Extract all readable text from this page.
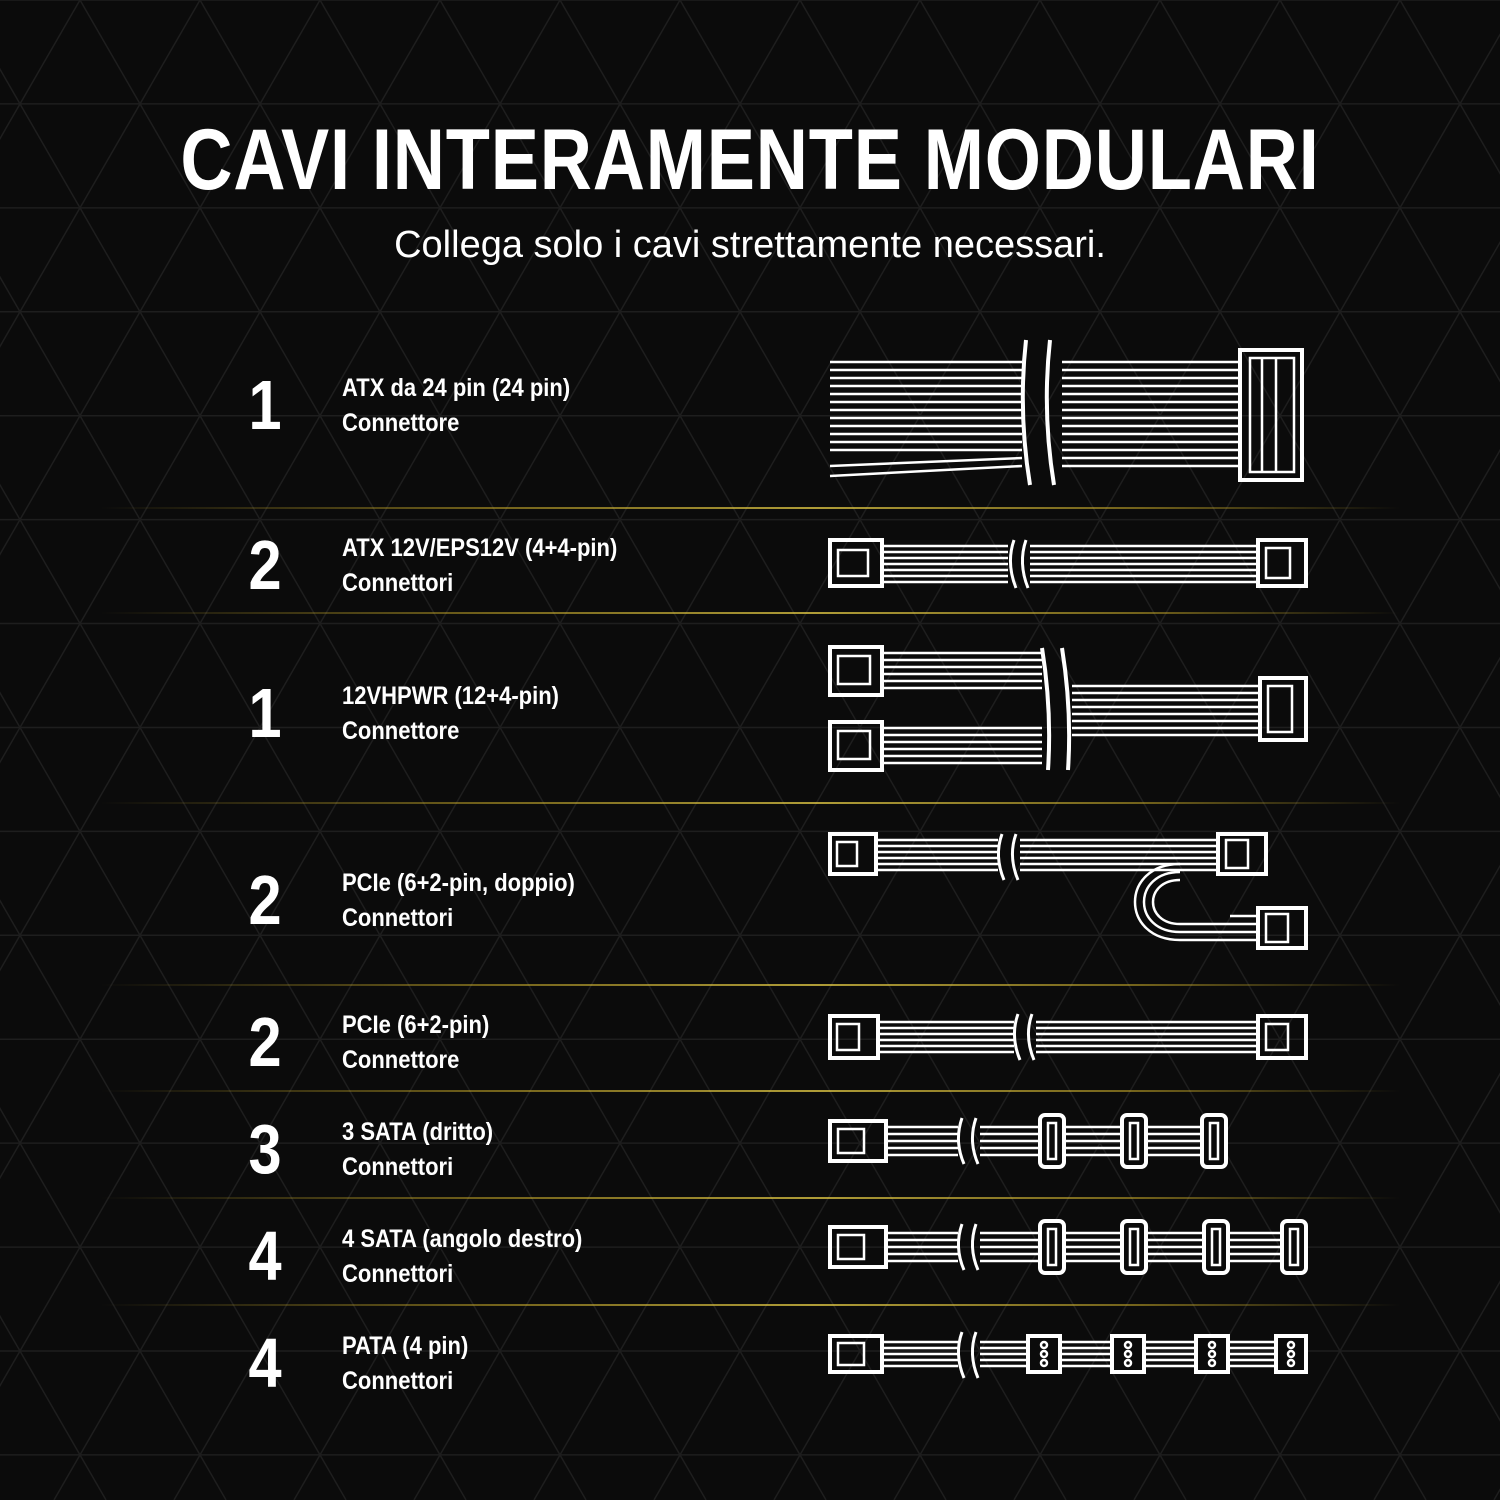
CAVI INTERAMENTE MODULARI
Collega solo i cavi strettamente necessari.
1	ATX da 24 pin (24 pin)
Connettore
2	ATX 12V/EPS12V (4+4-pin)
Connettori
1	12VHPWR (12+4-pin)
Connettore
2	PCIe (6+2-pin, doppio)
Connettori
2	PCIe (6+2-pin)
Connettore
3	3 SATA (dritto)
Connettori
4	4 SATA (angolo destro)
Connettori
4	PATA (4 pin)
Connettori
